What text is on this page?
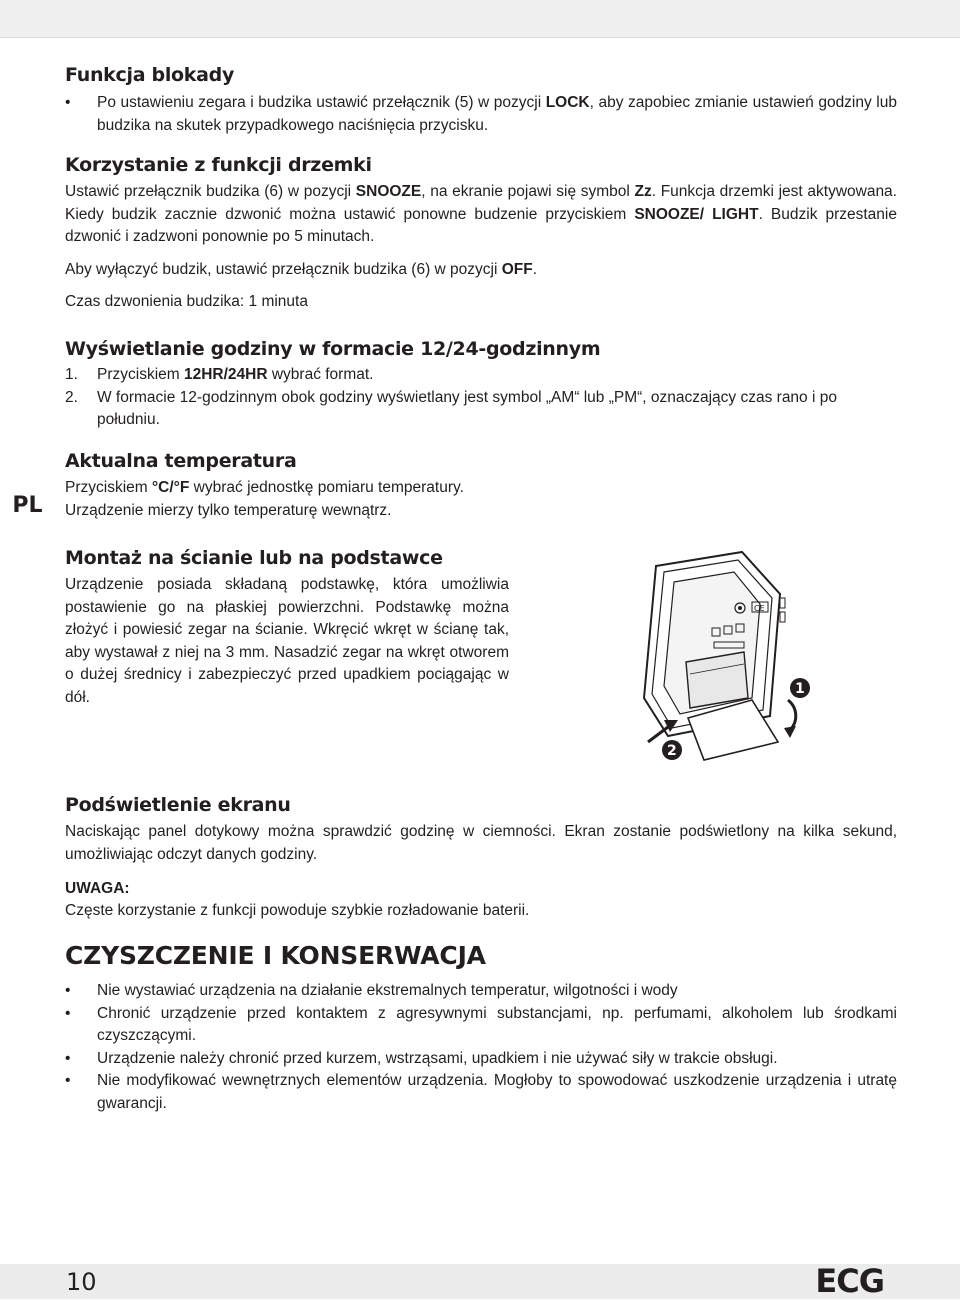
Funkcja blokady
• Po ustawieniu zegara i budzika ustawić przełącznik (5) w pozycji LOCK, aby zapobiec zmianie ustawień godziny lub budzika na skutek przypadkowego naciśnięcia przycisku.
Korzystanie z funkcji drzemki

Ustawić przełącznik budzika (6) w pozycji SNOOZE, na ekranie pojawi się symbol Zz. Funkcja drzemki jest aktywowana. Kiedy budzik zacznie dzwonić można ustawić ponowne budzenie przyciskiem SNOOZE/ LIGHT. Budzik przestanie dzwonić i zadzwoni ponownie po 5 minutach.

Aby wyłączyć budzik, ustawić przełącznik budzika (6) w pozycji OFF.

Czas dzwonienia budzika: 1 minuta

Wyświetlanie godziny w formacie 12/24-godzinnym
1. Przyciskiem 12HR/24HR wybrać format.
2. W formacie 12-godzinnym obok godziny wyświetlany jest symbol „AM“ lub „PM“, oznaczający czas rano i po południu.
PL
Aktualna temperatura

Przyciskiem °C/°F wybrać jednostkę pomiaru temperatury.

Urządzenie mierzy tylko temperaturę wewnątrz.

Montaż na ścianie lub na podstawce

Urządzenie posiada składaną podstawkę, która umożliwia postawienie go na płaskiej powierzchni. Podstawkę można złożyć i powiesić zegar na ścianie. Wkręcić wkręt w ścianę tak, aby wystawał z niej na 3 mm. Nasadzić zegar na wkręt otworem o dużej średnicy i zabezpieczyć przed upadkiem pociągając w dół.

CE
1
2
Podświetlenie ekranu

Naciskając panel dotykowy można sprawdzić godzinę w ciemności. Ekran zostanie podświetlony na kilka sekund, umożliwiając odczyt danych godziny.

UWAGA:

Częste korzystanie z funkcji powoduje szybkie rozładowanie baterii.

CZYSZCZENIE I KONSERWACJA
• Nie wystawiać urządzenia na działanie ekstremalnych temperatur, wilgotności i wody
• Chronić urządzenie przed kontaktem z agresywnymi substancjami, np. perfumami, alkoholem lub środkami czyszczącymi.
• Urządzenie należy chronić przed kurzem, wstrząsami, upadkiem i nie używać siły w trakcie obsługi.
• Nie modyfikować wewnętrznych elementów urządzenia. Mogłoby to spowodować uszkodzenie urządzenia i utratę gwarancji.
10	ECG
